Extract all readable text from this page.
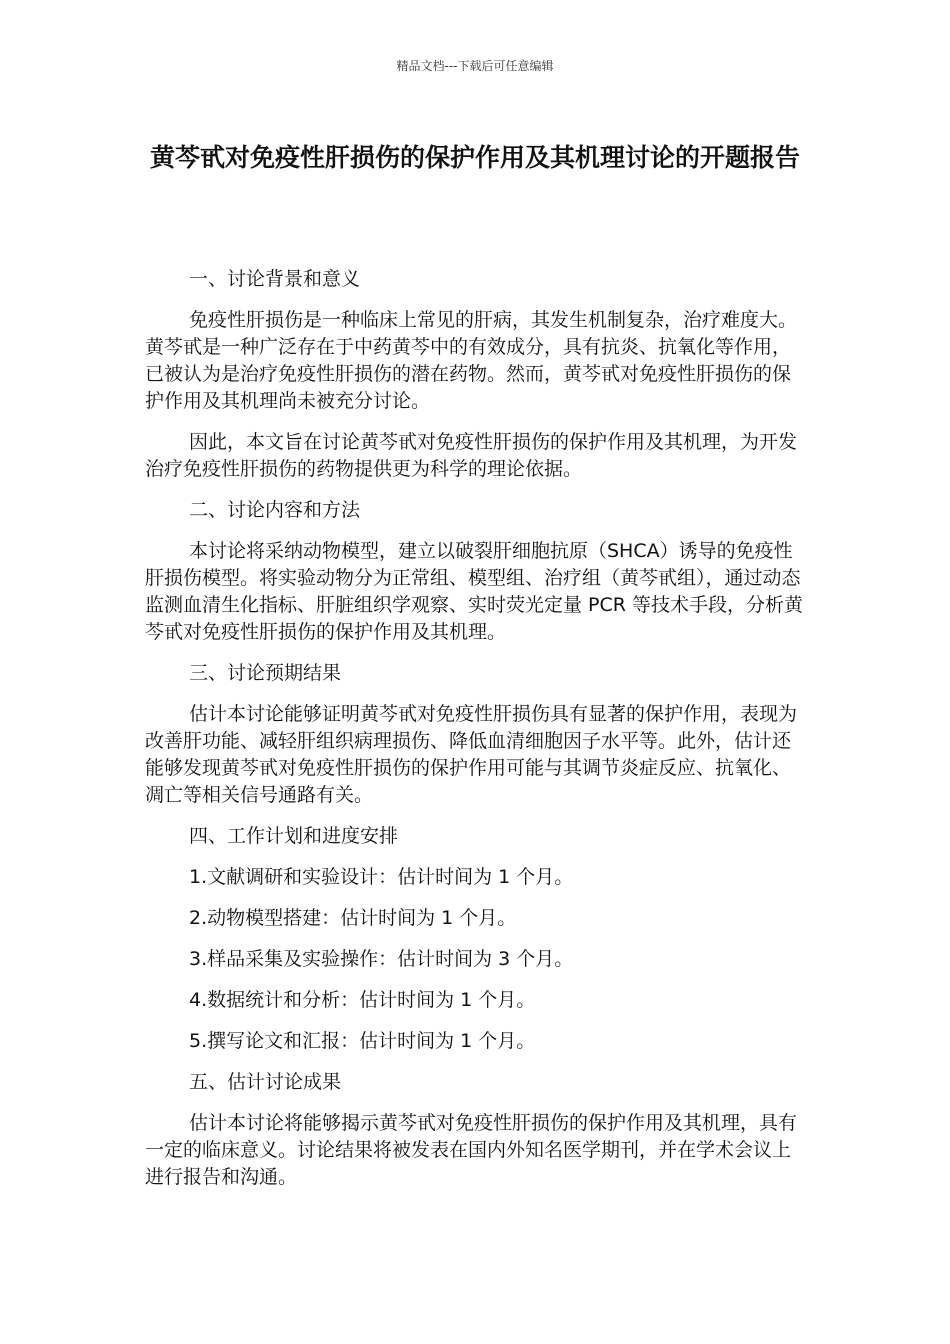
精品文档---下载后可任意编辑
黄芩甙对免疫性肝损伤的保护作用及其机理讨论的开题报告

一、讨论背景和意义

免疫性肝损伤是一种临床上常见的肝病，其发生机制复杂，治疗难度大。黄芩甙是一种广泛存在于中药黄芩中的有效成分，具有抗炎、抗氧化等作用，已被认为是治疗免疫性肝损伤的潜在药物。然而，黄芩甙对免疫性肝损伤的保护作用及其机理尚未被充分讨论。

因此，本文旨在讨论黄芩甙对免疫性肝损伤的保护作用及其机理，为开发治疗免疫性肝损伤的药物提供更为科学的理论依据。

二、讨论内容和方法

本讨论将采纳动物模型，建立以破裂肝细胞抗原（SHCA）诱导的免疫性肝损伤模型。将实验动物分为正常组、模型组、治疗组（黄芩甙组），通过动态监测血清生化指标、肝脏组织学观察、实时荧光定量 PCR 等技术手段，分析黄芩甙对免疫性肝损伤的保护作用及其机理。

三、讨论预期结果

估计本讨论能够证明黄芩甙对免疫性肝损伤具有显著的保护作用，表现为改善肝功能、减轻肝组织病理损伤、降低血清细胞因子水平等。此外，估计还能够发现黄芩甙对免疫性肝损伤的保护作用可能与其调节炎症反应、抗氧化、凋亡等相关信号通路有关。

四、工作计划和进度安排

1.文献调研和实验设计：估计时间为 1 个月。

2.动物模型搭建：估计时间为 1 个月。

3.样品采集及实验操作：估计时间为 3 个月。

4.数据统计和分析：估计时间为 1 个月。

5.撰写论文和汇报：估计时间为 1 个月。

五、估计讨论成果

估计本讨论将能够揭示黄芩甙对免疫性肝损伤的保护作用及其机理，具有一定的临床意义。讨论结果将被发表在国内外知名医学期刊，并在学术会议上进行报告和沟通。
